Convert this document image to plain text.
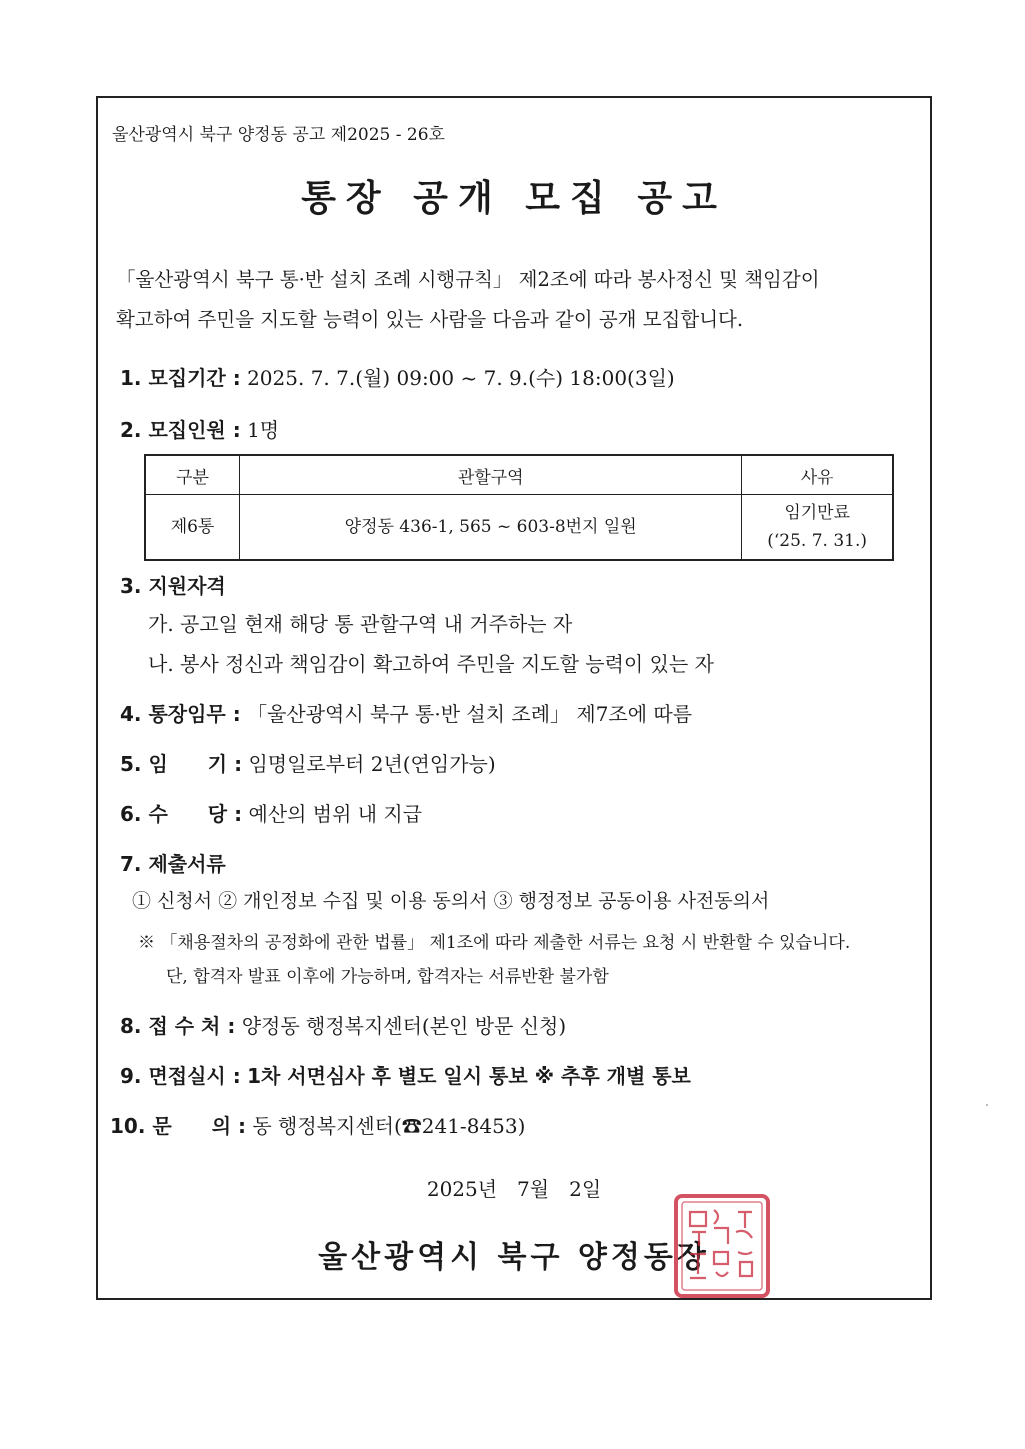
울산광역시 북구 양정동 공고 제2025 - 26호
통장 공개 모집 공고
「울산광역시 북구 통·반 설치 조례 시행규칙」 제2조에 따라 봉사정신 및 책임감이
확고하여 주민을 지도할 능력이 있는 사람을 다음과 같이 공개 모집합니다.
1. 모집기간 : 2025. 7. 7.(월) 09:00 ~ 7. 9.(수) 18:00(3일)
2. 모집인원 : 1명
구분	관할구역	사유
제6통	양정동 436-1, 565 ~ 603-8번지 일원	임기만료
(‘25. 7. 31.)
3. 지원자격
가. 공고일 현재 해당 통 관할구역 내 거주하는 자
나. 봉사 정신과 책임감이 확고하여 주민을 지도할 능력이 있는 자
4. 통장임무 : 「울산광역시 북구 통·반 설치 조례」 제7조에 따름
5. 임　　기 : 임명일로부터 2년(연임가능)
6. 수　　당 : 예산의 범위 내 지급
7. 제출서류
① 신청서 ② 개인정보 수집 및 이용 동의서 ③ 행정정보 공동이용 사전동의서
※ 「채용절차의 공정화에 관한 법률」 제1조에 따라 제출한 서류는 요청 시 반환할 수 있습니다.
단, 합격자 발표 이후에 가능하며, 합격자는 서류반환 불가함
8. 접 수 처 : 양정동 행정복지센터(본인 방문 신청)
9. 면접실시 : 1차 서면심사 후 별도 일시 통보 ※ 추후 개별 통보
10. 문　　의 : 동 행정복지센터(☎241-8453)
2025년　7월　2일
울산광역시 북구 양정동장
